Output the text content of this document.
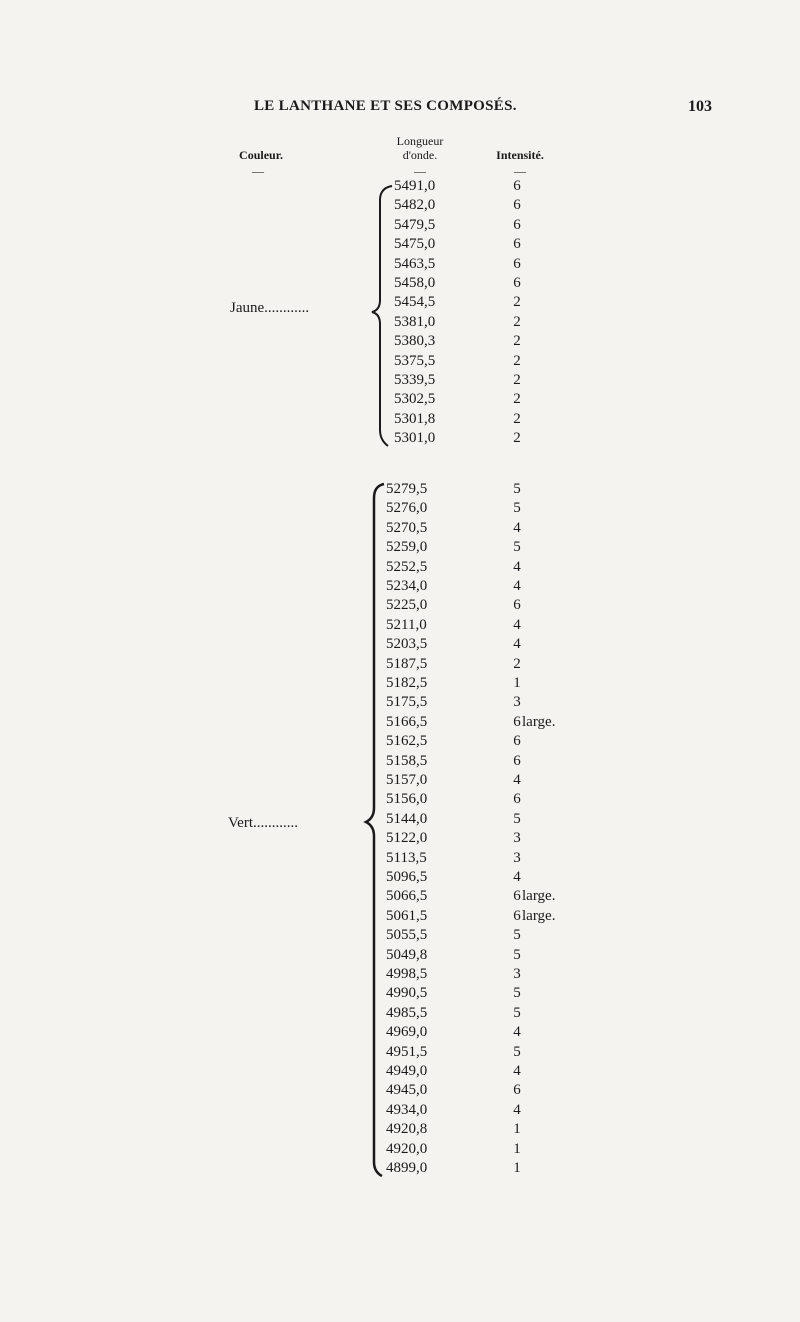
LE LANTHANE ET SES COMPOSÉS.	103
Couleur.
Longueur
d'onde.	Intensité.
—	—	—
Jaune............
Vert............
5491,0	6
5482,0	6
5479,5	6
5475,0	6
5463,5	6
5458,0	6
5454,5	2
5381,0	2
5380,3	2
5375,5	2
5339,5	2
5302,5	2
5301,8	2
5301,0	2
5279,5	5
5276,0	5
5270,5	4
5259,0	5
5252,5	4
5234,0	4
5225,0	6
5211,0	4
5203,5	4
5187,5	2
5182,5	1
5175,5	3
5166,5	6 large.
5162,5	6
5158,5	6
5157,0	4
5156,0	6
5144,0	5
5122,0	3
5113,5	3
5096,5	4
5066,5	6 large.
5061,5	6 large.
5055,5	5
5049,8	5
4998,5	3
4990,5	5
4985,5	5
4969,0	4
4951,5	5
4949,0	4
4945,0	6
4934,0	4
4920,8	1
4920,0	1
4899,0	1
